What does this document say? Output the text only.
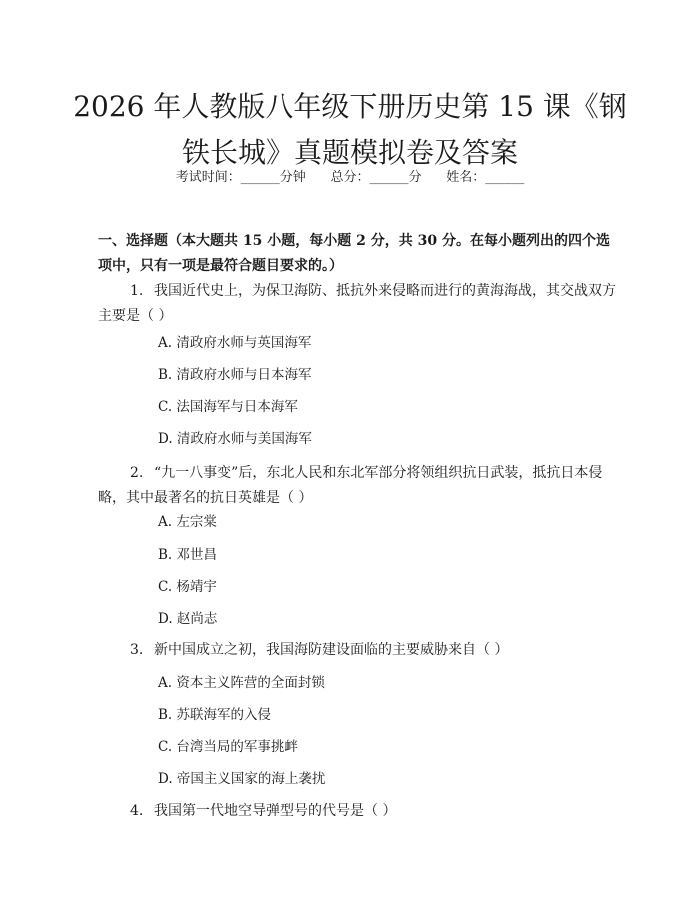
2026 年人教版八年级下册历史第 15 课《钢铁长城》真题模拟卷及答案
考试时间：______分钟      总分：______分      姓名：______
一、选择题（本大题共 15 小题，每小题 2 分，共 30 分。在每小题列出的四个选项中，只有一项是最符合题目要求的。）
1. 我国近代史上，为保卫海防、抵抗外来侵略而进行的黄海海战，其交战双方主要是（ ）
A. 清政府水师与英国海军
B. 清政府水师与日本海军
C. 法国海军与日本海军
D. 清政府水师与美国海军
2. “九一八事变”后，东北人民和东北军部分将领组织抗日武装，抵抗日本侵略，其中最著名的抗日英雄是（ ）
A. 左宗棠
B. 邓世昌
C. 杨靖宇
D. 赵尚志
3. 新中国成立之初，我国海防建设面临的主要威胁来自（ ）
A. 资本主义阵营的全面封锁
B. 苏联海军的入侵
C. 台湾当局的军事挑衅
D. 帝国主义国家的海上袭扰
4. 我国第一代地空导弹型号的代号是（ ）
